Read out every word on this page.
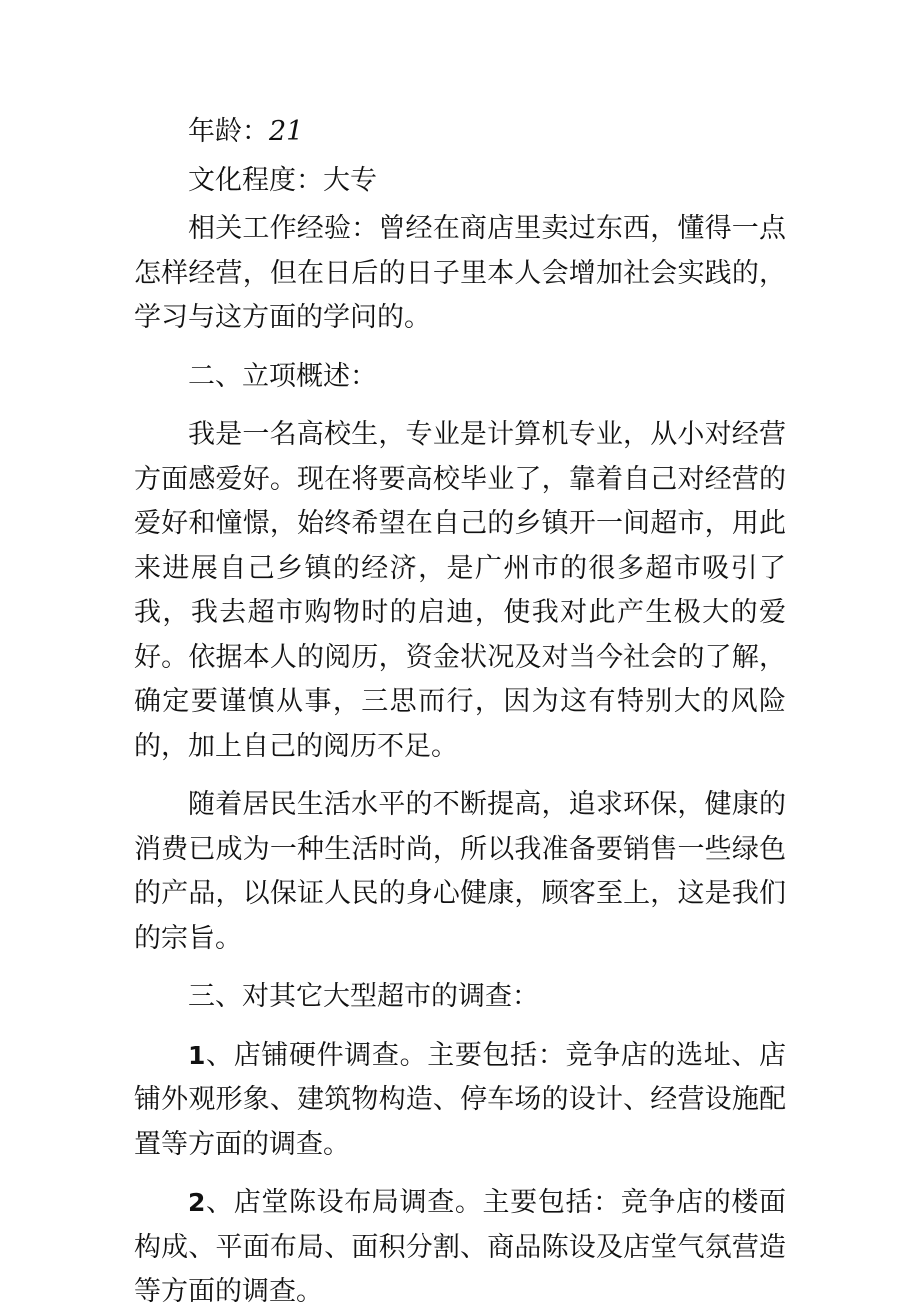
年龄：21

文化程度：大专

相关工作经验：曾经在商店里卖过东西，懂得一点怎样经营，但在日后的日子里本人会增加社会实践的，学习与这方面的学问的。

二、立项概述：

我是一名高校生，专业是计算机专业，从小对经营方面感爱好。现在将要高校毕业了，靠着自己对经营的爱好和憧憬，始终希望在自己的乡镇开一间超市，用此来进展自己乡镇的经济，是广州市的很多超市吸引了我，我去超市购物时的启迪，使我对此产生极大的爱好。依据本人的阅历，资金状况及对当今社会的了解，确定要谨慎从事，三思而行，因为这有特别大的风险的，加上自己的阅历不足。

随着居民生活水平的不断提高，追求环保，健康的消费已成为一种生活时尚，所以我准备要销售一些绿色的产品，以保证人民的身心健康，顾客至上，这是我们的宗旨。

三、对其它大型超市的调查：

1、店铺硬件调查。主要包括：竞争店的选址、店铺外观形象、建筑物构造、停车场的设计、经营设施配置等方面的调查。

2、店堂陈设布局调查。主要包括：竞争店的楼面构成、平面布局、面积分割、商品陈设及店堂气氛营造等方面的调查。
